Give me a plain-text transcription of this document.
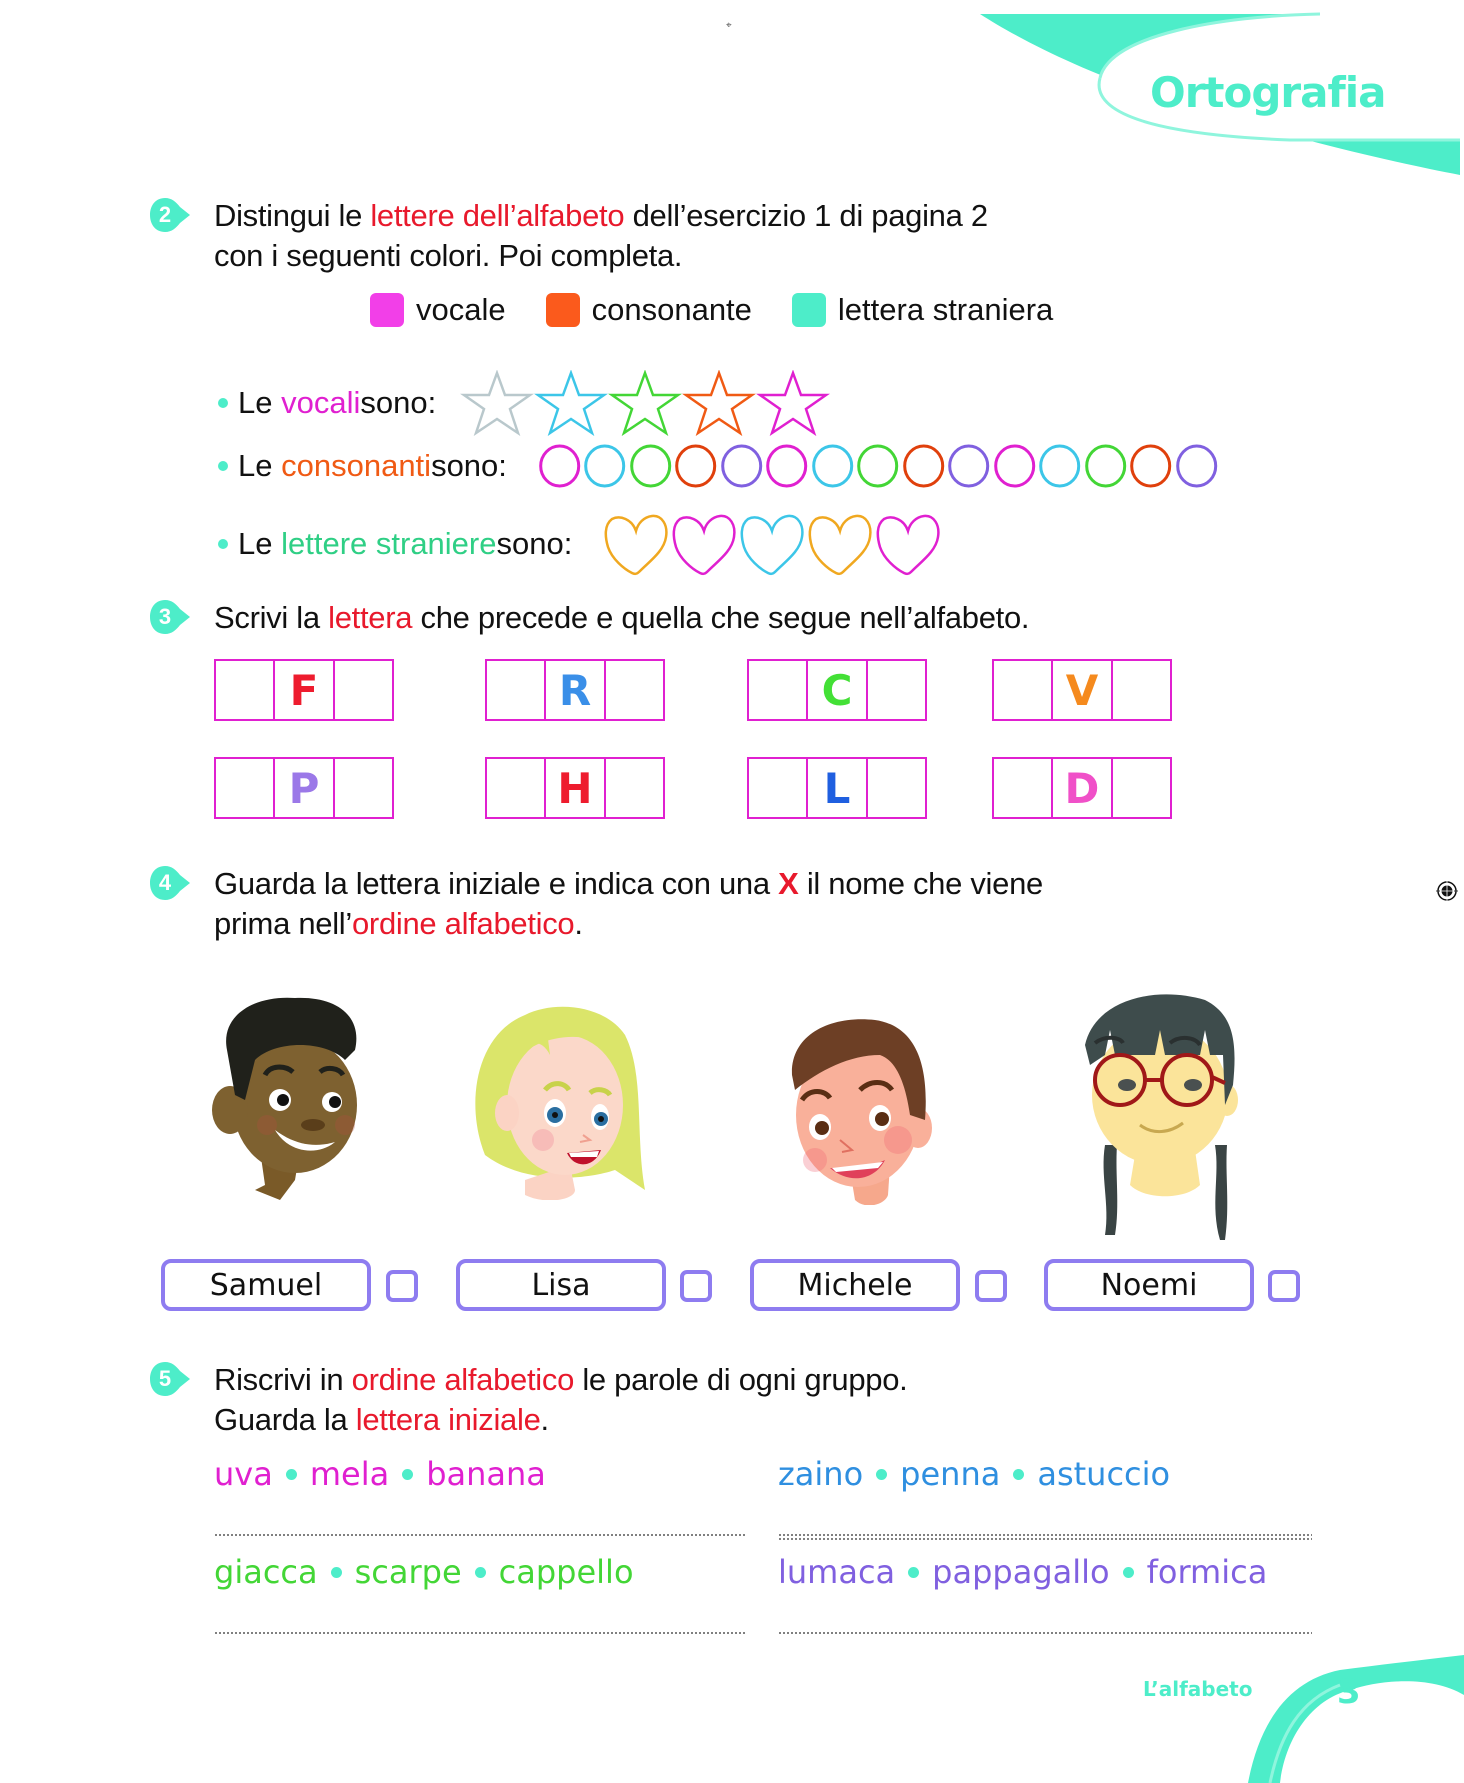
⌖
Ortografia
2	Distingui le lettere dell’alfabeto dell’esercizio 1 di pagina 2
con i seguenti colori. Poi completa.
vocale	consonante	lettera straniera
Le
vocali sono:
Le
consonanti sono:
Le
lettere straniere sono:
3	Scrivi la lettera che precede e quella che segue nell’alfabeto.
F	R	C	V
P	H	L	D
4	Guarda la lettera iniziale e indica con una X il nome che viene
prima nell’ordine alfabetico.
Samuel	Lisa	Michele	Noemi
5	Riscrivi in ordine alfabetico le parole di ogni gruppo.
Guarda la lettera iniziale.
uva mela banana	zaino penna astuccio
giacca scarpe cappello	lumaca pappagallo formica
L’alfabeto 3
